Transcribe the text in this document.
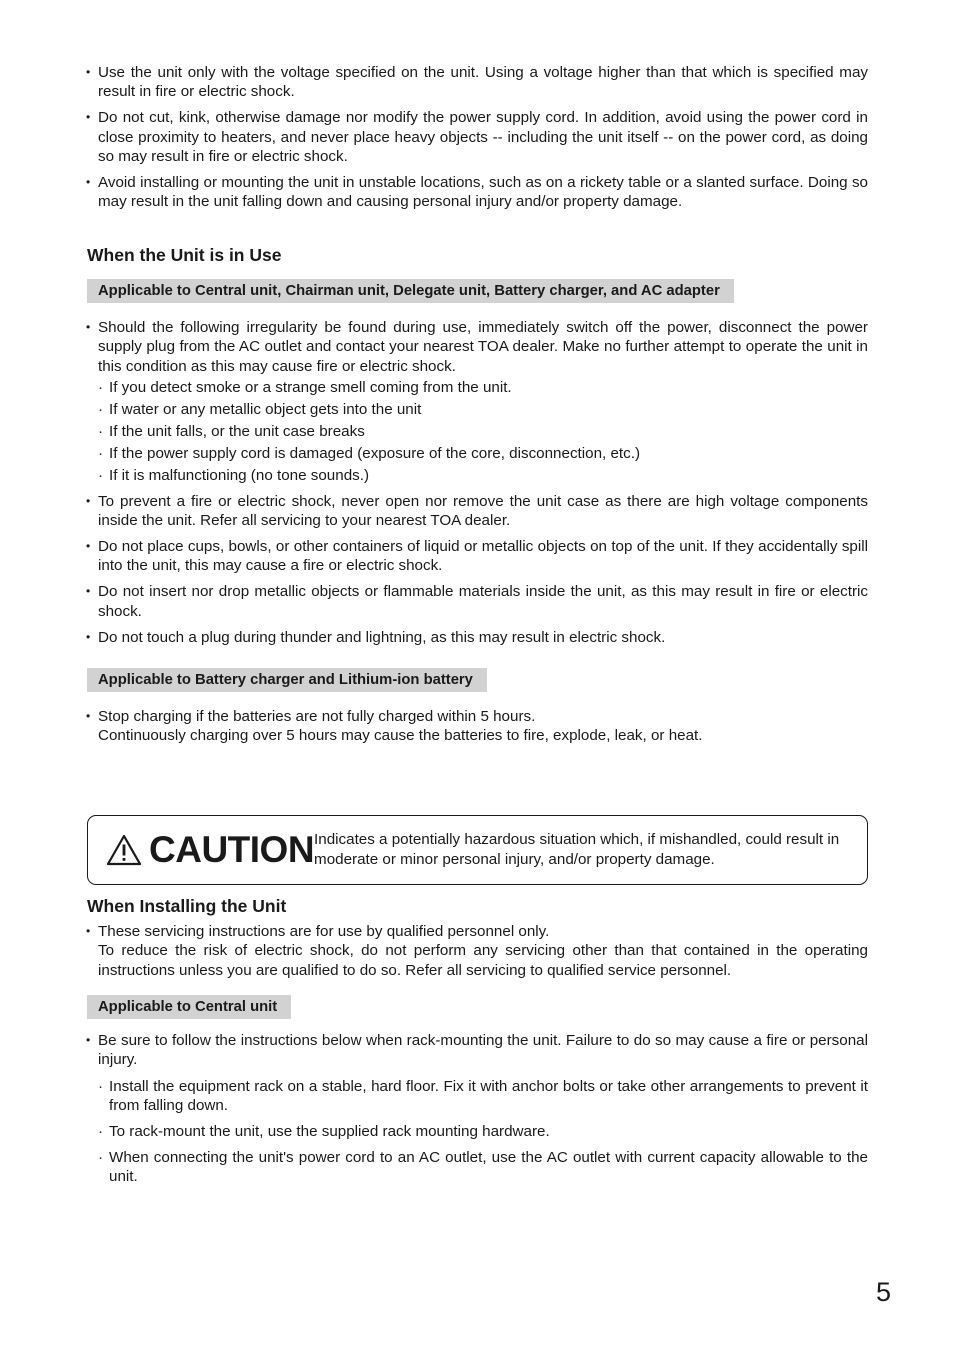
• Use the unit only with the voltage specified on the unit. Using a voltage higher than that which is specified may result in fire or electric shock.
• Do not cut, kink, otherwise damage nor modify the power supply cord. In addition, avoid using the power cord in close proximity to heaters, and never place heavy objects -- including the unit itself -- on the power cord, as doing so may result in fire or electric shock.
• Avoid installing or mounting the unit in unstable locations, such as on a rickety table or a slanted surface. Doing so may result in the unit falling down and causing personal injury and/or property damage.
When the Unit is in Use
Applicable to Central unit, Chairman unit, Delegate unit, Battery charger, and AC adapter
• Should the following irregularity be found during use, immediately switch off the power, disconnect the power supply plug from the AC outlet and contact your nearest TOA dealer. Make no further attempt to operate the unit in this condition as this may cause fire or electric shock.
· If you detect smoke or a strange smell coming from the unit.
· If water or any metallic object gets into the unit
· If the unit falls, or the unit case breaks
· If the power supply cord is damaged (exposure of the core, disconnection, etc.)
· If it is malfunctioning (no tone sounds.)
• To prevent a fire or electric shock, never open nor remove the unit case as there are high voltage components inside the unit. Refer all servicing to your nearest TOA dealer.
• Do not place cups, bowls, or other containers of liquid or metallic objects on top of the unit. If they accidentally spill into the unit, this may cause a fire or electric shock.
• Do not insert nor drop metallic objects or flammable materials inside the unit, as this may result in fire or electric shock.
• Do not touch a plug during thunder and lightning, as this may result in electric shock.
Applicable to Battery charger and Lithium-ion battery
• Stop charging if the batteries are not fully charged within 5 hours.
Continuously charging over 5 hours may cause the batteries to fire, explode, leak, or heat.
CAUTION Indicates a potentially hazardous situation which, if mishandled, could result in moderate or minor personal injury, and/or property damage.
When Installing the Unit
• These servicing instructions are for use by qualified personnel only.
To reduce the risk of electric shock, do not perform any servicing other than that contained in the operating instructions unless you are qualified to do so. Refer all servicing to qualified service personnel.
Applicable to Central unit
• Be sure to follow the instructions below when rack-mounting the unit. Failure to do so may cause a fire or personal injury.
· Install the equipment rack on a stable, hard floor. Fix it with anchor bolts or take other arrangements to prevent it from falling down.
· To rack-mount the unit, use the supplied rack mounting hardware.
· When connecting the unit's power cord to an AC outlet, use the AC outlet with current capacity allowable to the unit.
5
